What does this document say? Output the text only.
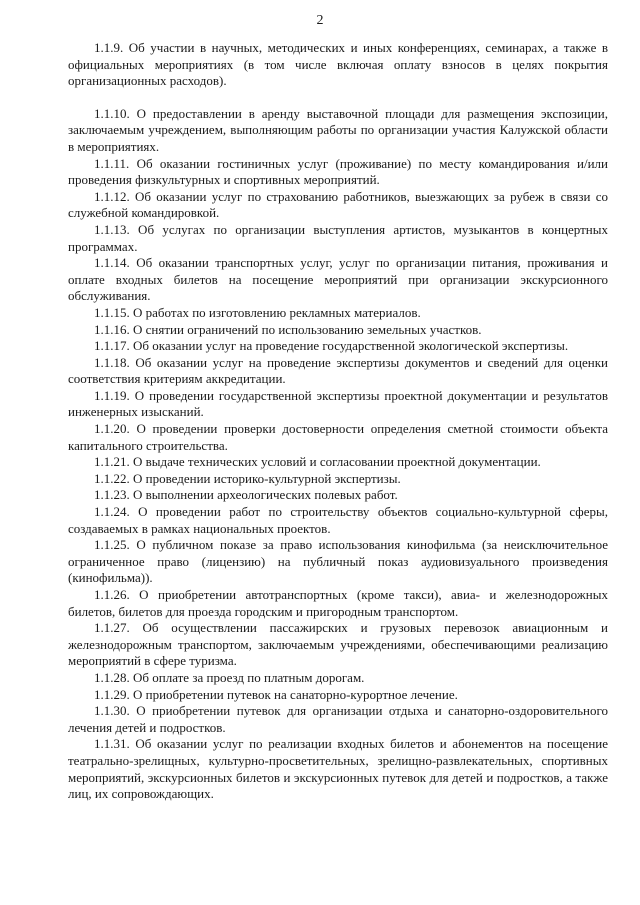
2

1.1.9. Об участии в научных, методических и иных конференциях, семинарах, а также в официальных мероприятиях (в том числе включая оплату взносов в целях покрытия организационных расходов).

1.1.10. О предоставлении в аренду выставочной площади для размещения экспозиции, заключаемым учреждением, выполняющим работы по организации участия Калужской области в мероприятиях.

1.1.11. Об оказании гостиничных услуг (проживание) по месту командирования и/или проведения физкультурных и спортивных мероприятий.

1.1.12. Об оказании услуг по страхованию работников, выезжающих за рубеж в связи со служебной командировкой.

1.1.13. Об услугах по организации выступления артистов, музыкантов в концертных программах.

1.1.14. Об оказании транспортных услуг, услуг по организации питания, проживания и оплате входных билетов на посещение мероприятий при организации экскурсионного обслуживания.

1.1.15. О работах по изготовлению рекламных материалов.

1.1.16. О снятии ограничений по использованию земельных участков.

1.1.17. Об оказании услуг на проведение государственной экологической экспертизы.

1.1.18. Об оказании услуг на проведение экспертизы документов и сведений для оценки соответствия критериям аккредитации.

1.1.19. О проведении государственной экспертизы проектной документации и результатов инженерных изысканий.

1.1.20. О проведении проверки достоверности определения сметной стоимости объекта капитального строительства.

1.1.21. О выдаче технических условий и согласовании проектной документации.

1.1.22. О проведении историко-культурной экспертизы.

1.1.23. О выполнении археологических полевых работ.

1.1.24. О проведении работ по строительству объектов социально-культурной сферы, создаваемых в рамках национальных проектов.

1.1.25. О публичном показе за право использования кинофильма (за неисключительное ограниченное право (лицензию) на публичный показ аудиовизуального произведения (кинофильма)).

1.1.26. О приобретении автотранспортных (кроме такси), авиа- и железнодорожных билетов, билетов для проезда городским и пригородным транспортом.

1.1.27. Об осуществлении пассажирских и грузовых перевозок авиационным и железнодорожным транспортом, заключаемым учреждениями, обеспечивающими реализацию мероприятий в сфере туризма.

1.1.28. Об оплате за проезд по платным дорогам.

1.1.29. О приобретении путевок на санаторно-курортное лечение.

1.1.30. О приобретении путевок для организации отдыха и санаторно-оздоровительного лечения детей и подростков.

1.1.31. Об оказании услуг по реализации входных билетов и абонементов на посещение театрально-зрелищных, культурно-просветительных, зрелищно-развлекательных, спортивных мероприятий, экскурсионных билетов и экскурсионных путевок для детей и подростков, а также лиц, их сопровождающих.
